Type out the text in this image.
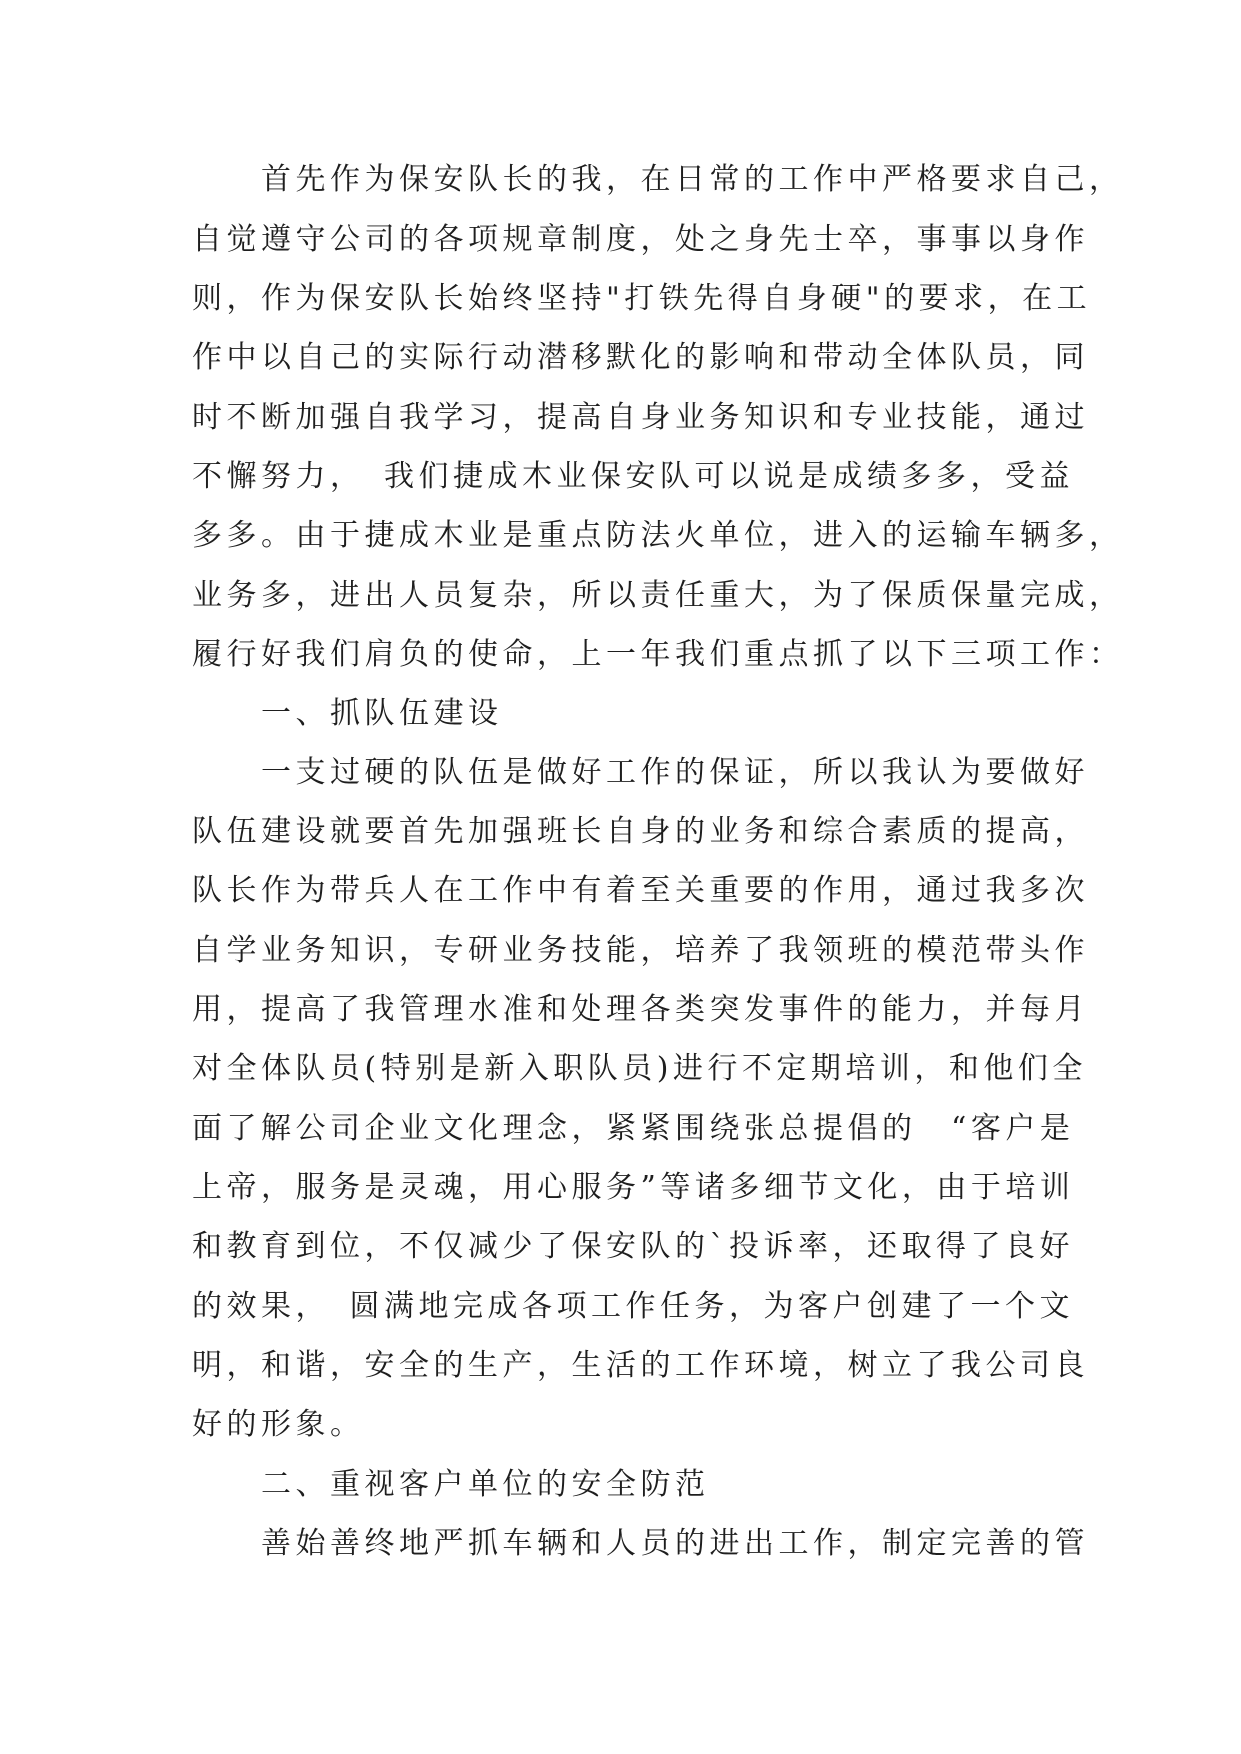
　　首先作为保安队长的我，在日常的工作中严格要求自己，

自觉遵守公司的各项规章制度，处之身先士卒，事事以身作

则，作为保安队长始终坚持"打铁先得自身硬"的要求，在工

作中以自己的实际行动潜移默化的影响和带动全体队员，同

时不断加强自我学习，提高自身业务知识和专业技能，通过

不懈努力，　我们捷成木业保安队可以说是成绩多多，受益

多多。由于捷成木业是重点防法火单位，进入的运输车辆多，

业务多，进出人员复杂，所以责任重大，为了保质保量完成，

履行好我们肩负的使命，上一年我们重点抓了以下三项工作：

　　一、抓队伍建设

　　一支过硬的队伍是做好工作的保证，所以我认为要做好

队伍建设就要首先加强班长自身的业务和综合素质的提高，

队长作为带兵人在工作中有着至关重要的作用，通过我多次

自学业务知识，专研业务技能，培养了我领班的模范带头作

用，提高了我管理水准和处理各类突发事件的能力，并每月

对全体队员(特别是新入职队员)进行不定期培训，和他们全

面了解公司企业文化理念，紧紧围绕张总提倡的　“客户是

上帝，服务是灵魂，用心服务”等诸多细节文化，由于培训

和教育到位，不仅减少了保安队的`投诉率，还取得了良好

的效果，　圆满地完成各项工作任务，为客户创建了一个文

明，和谐，安全的生产，生活的工作环境，树立了我公司良

好的形象。

　　二、重视客户单位的安全防范

　　善始善终地严抓车辆和人员的进出工作，制定完善的管
